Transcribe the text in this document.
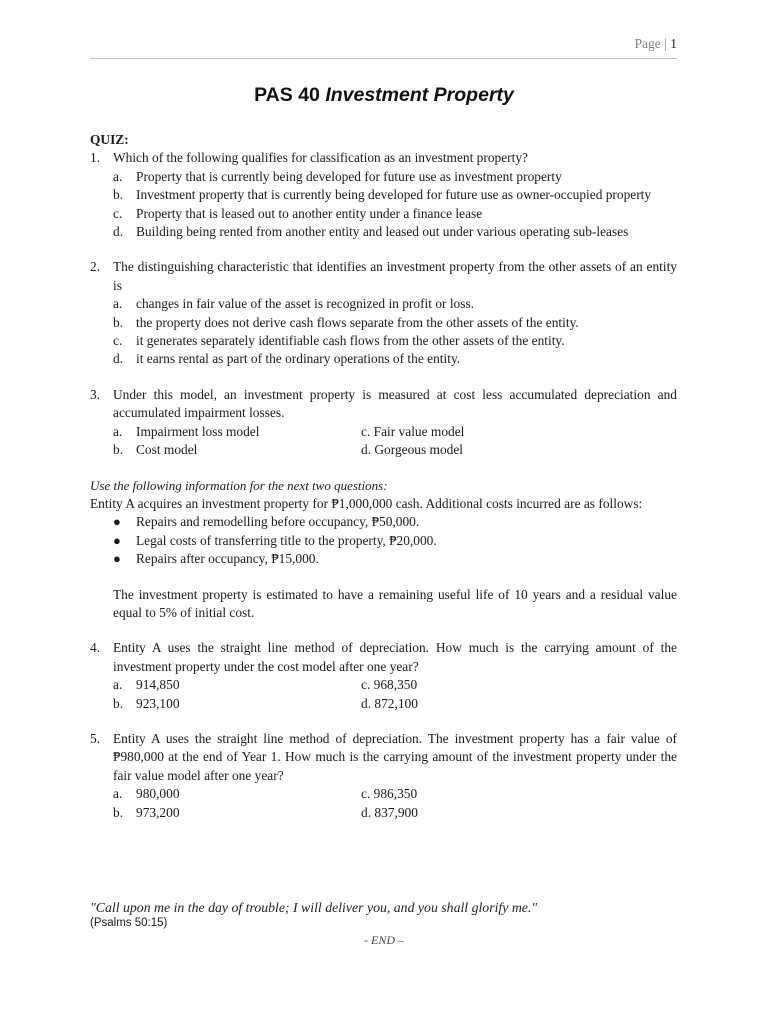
Page | 1
PAS 40 Investment Property
QUIZ:
1. Which of the following qualifies for classification as an investment property?
a. Property that is currently being developed for future use as investment property
b. Investment property that is currently being developed for future use as owner-occupied property
c. Property that is leased out to another entity under a finance lease
d. Building being rented from another entity and leased out under various operating sub-leases
2. The distinguishing characteristic that identifies an investment property from the other assets of an entity is
a. changes in fair value of the asset is recognized in profit or loss.
b. the property does not derive cash flows separate from the other assets of the entity.
c. it generates separately identifiable cash flows from the other assets of the entity.
d. it earns rental as part of the ordinary operations of the entity.
3. Under this model, an investment property is measured at cost less accumulated depreciation and accumulated impairment losses.
a. Impairment loss model	c. Fair value model
b. Cost model	d. Gorgeous model
Use the following information for the next two questions:
Entity A acquires an investment property for ₱1,000,000 cash. Additional costs incurred are as follows:
● Repairs and remodelling before occupancy, ₱50,000.
● Legal costs of transferring title to the property, ₱20,000.
● Repairs after occupancy, ₱15,000.
The investment property is estimated to have a remaining useful life of 10 years and a residual value equal to 5% of initial cost.
4. Entity A uses the straight line method of depreciation. How much is the carrying amount of the investment property under the cost model after one year?
a. 914,850	c. 968,350
b. 923,100	d. 872,100
5. Entity A uses the straight line method of depreciation. The investment property has a fair value of ₱980,000 at the end of Year 1. How much is the carrying amount of the investment property under the fair value model after one year?
a. 980,000	c. 986,350
b. 973,200	d. 837,900
"Call upon me in the day of trouble; I will deliver you, and you shall glorify me."
(Psalms 50:15)
- END –
